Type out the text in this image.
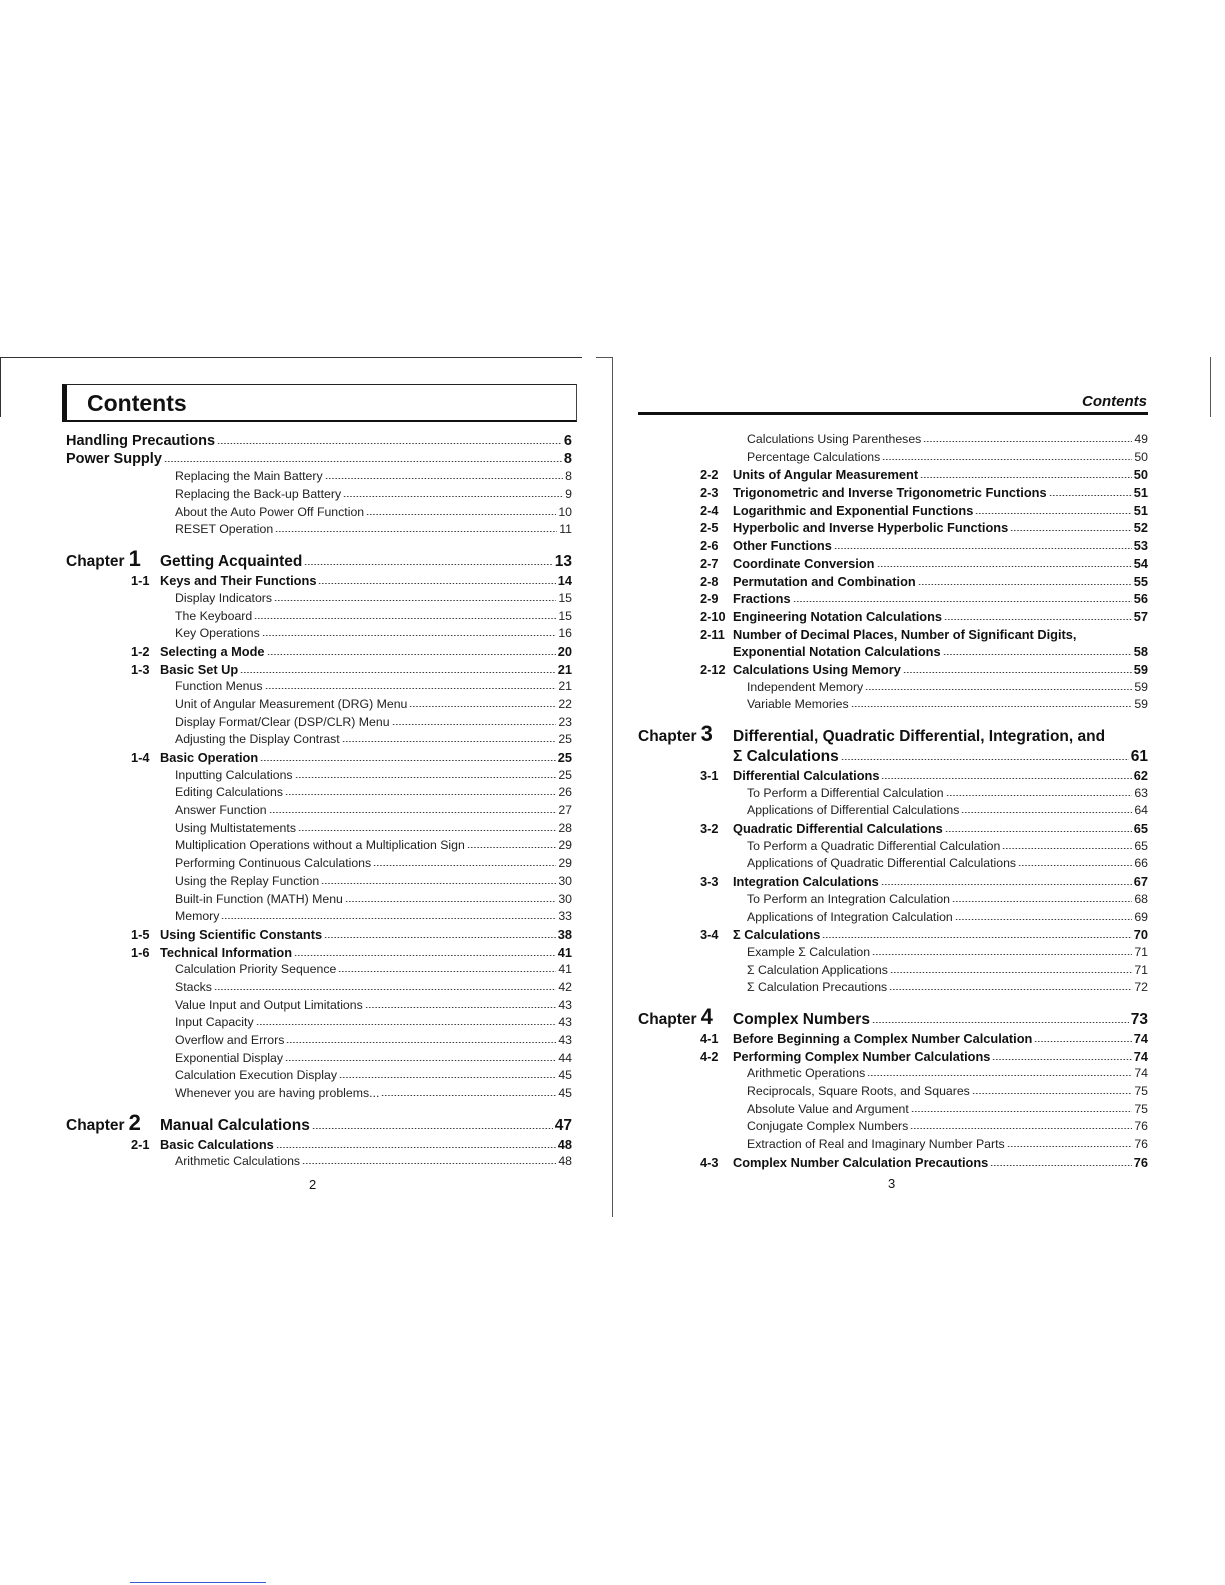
Contents
Handling Precautions	6
Power Supply	8
Replacing the Main Battery	8
Replacing the Back-up Battery	9
About the Auto Power Off Function	10
RESET Operation	11
Chapter 1	Getting Acquainted	13
1-1 Keys and Their Functions	14
Display Indicators	15
The Keyboard	15
Key Operations	16
1-2 Selecting a Mode	20
1-3 Basic Set Up	21
Function Menus	21
Unit of Angular Measurement (DRG) Menu	22
Display Format/Clear (DSP/CLR) Menu	23
Adjusting the Display Contrast	25
1-4 Basic Operation	25
Inputting Calculations	25
Editing Calculations	26
Answer Function	27
Using Multistatements	28
Multiplication Operations without a Multiplication Sign	29
Performing Continuous Calculations	29
Using the Replay Function	30
Built-in Function (MATH) Menu	30
Memory	33
1-5 Using Scientific Constants	38
1-6 Technical Information	41
Calculation Priority Sequence	41
Stacks	42
Value Input and Output Limitations	43
Input Capacity	43
Overflow and Errors	43
Exponential Display	44
Calculation Execution Display	45
Whenever you are having problems...	45
Chapter 2	Manual Calculations	47
2-1 Basic Calculations	48
Arithmetic Calculations	48
2
Contents
Calculations Using Parentheses	49
Percentage Calculations	50
2-2	Units of Angular Measurement	50
2-3	Trigonometric and Inverse Trigonometric Functions	51
2-4	Logarithmic and Exponential Functions	51
2-5	Hyperbolic and Inverse Hyperbolic Functions	52
2-6	Other Functions	53
2-7	Coordinate Conversion	54
2-8	Permutation and Combination	55
2-9	Fractions	56
2-10 Engineering Notation Calculations	57
2-11 Number of Decimal Places, Number of Significant Digits,
Exponential Notation Calculations	58
2-12 Calculations Using Memory	59
Independent Memory	59
Variable Memories	59
Chapter 3	Differential, Quadratic Differential, Integration, and
Σ Calculations	61
3-1	Differential Calculations	62
To Perform a Differential Calculation	63
Applications of Differential Calculations	64
3-2	Quadratic Differential Calculations	65
To Perform a Quadratic Differential Calculation	65
Applications of Quadratic Differential Calculations	66
3-3	Integration Calculations	67
To Perform an Integration Calculation	68
Applications of Integration Calculation	69
3-4	Σ Calculations	70
Example Σ Calculation	71
Σ Calculation Applications	71
Σ Calculation Precautions	72
Chapter 4	Complex Numbers	73
4-1	Before Beginning a Complex Number Calculation	74
4-2	Performing Complex Number Calculations	74
Arithmetic Operations	74
Reciprocals, Square Roots, and Squares	75
Absolute Value and Argument	75
Conjugate Complex Numbers	76
Extraction of Real and Imaginary Number Parts	76
4-3	Complex Number Calculation Precautions	76
3
